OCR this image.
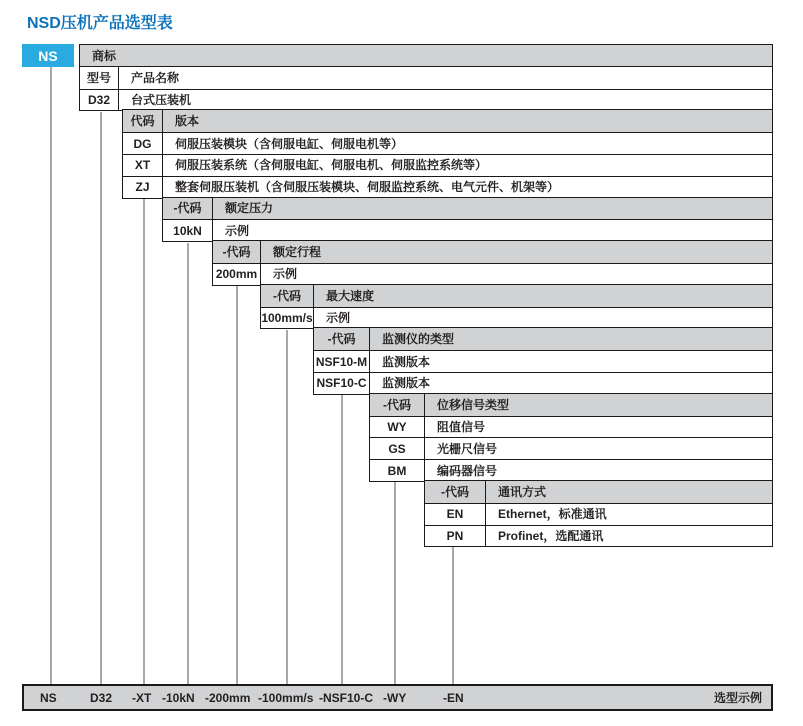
NSD压机产品选型表
NS	商标
型号	产品名称
D32	台式压装机
代码	版本
DG	伺服压装模块（含伺服电缸、伺服电机等）
XT	伺服压装系统（含伺服电缸、伺服电机、伺服监控系统等）
ZJ	整套伺服压装机（含伺服压装模块、伺服监控系统、电气元件、机架等）
-代码	额定压力
10kN	示例
-代码	额定行程
200mm	示例
-代码	最大速度
100mm/s	示例
-代码	监测仪的类型
NSF10-M	监测版本
NSF10-C	监测版本
-代码	位移信号类型
WY	阻值信号
GS	光栅尺信号
BM	编码器信号
-代码	通讯方式
EN	Ethernet，标准通讯
PN	Profinet，选配通讯
NS	D32 -XT -10kN -200mm -100mm/s -NSF10-C -WY	-EN	选型示例
